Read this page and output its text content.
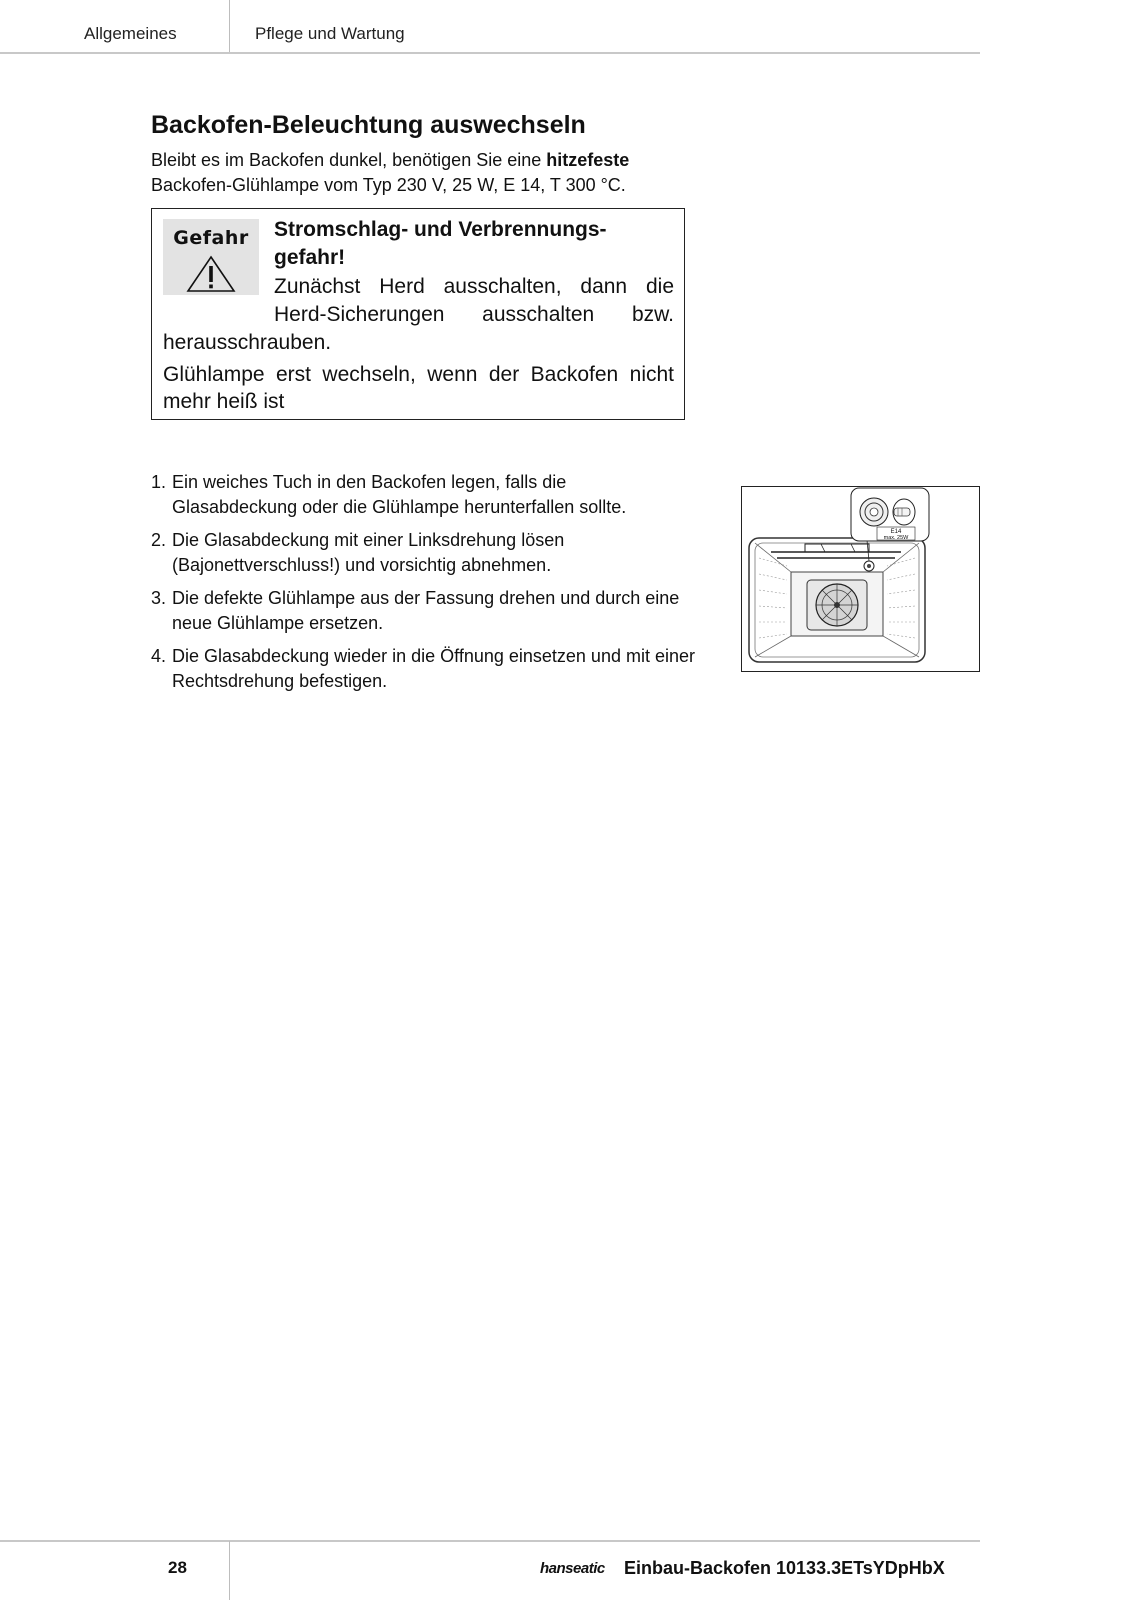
Allgemeines	Pflege und Wartung
Backofen-Beleuchtung auswechseln

Bleibt es im Backofen dunkel, benötigen Sie eine hitzefeste Backofen-Glühlampe vom Typ 230 V, 25 W, E 14, T 300 °C.

Gefahr	Stromschlag- und Verbrennungs-gefahr!
Zunächst Herd ausschalten, dann die Herd-Sicherungen ausschalten bzw.
herausschrauben.
Glühlampe erst wechseln, wenn der Backofen nicht mehr heiß ist
1. Ein weiches Tuch in den Backofen legen, falls die Glasabdeckung oder die Glühlampe herunterfallen sollte.
2. Die Glasabdeckung mit einer Linksdrehung lösen (Bajonettverschluss!) und vorsichtig abnehmen.
3. Die defekte Glühlampe aus der Fassung drehen und durch eine neue Glühlampe ersetzen.
4. Die Glasabdeckung wieder in die Öffnung einsetzen und mit einer Rechtsdrehung befestigen.
E14
max. 25W
28	hanseatic Einbau-Backofen 10133.3ETsYDpHbX
